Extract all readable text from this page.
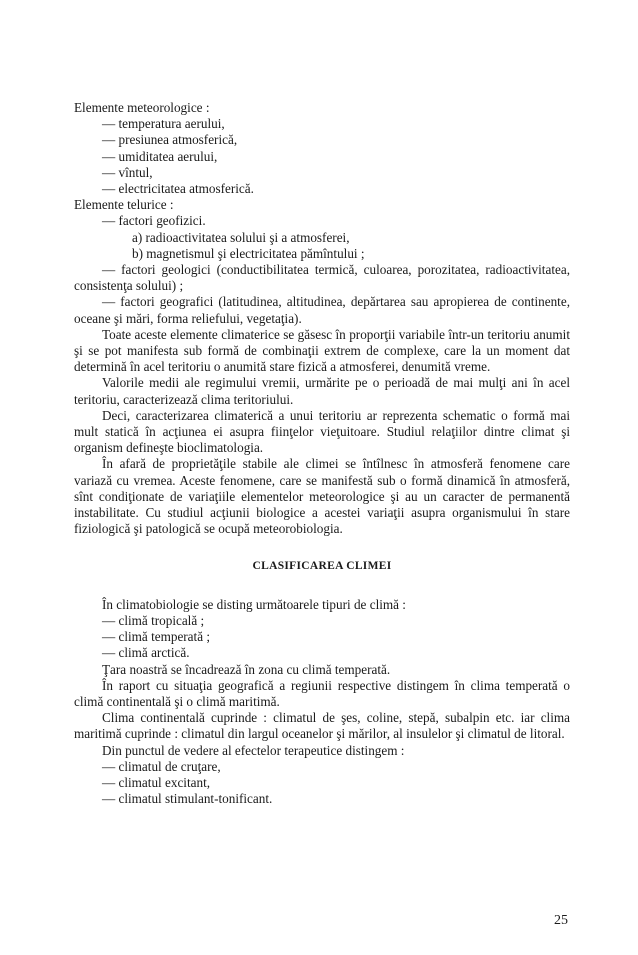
Elemente meteorologice :

— temperatura aerului,

— presiunea atmosferică,

— umiditatea aerului,

— vîntul,

— electricitatea atmosferică.

Elemente telurice :

— factori geofizici.

a) radioactivitatea solului şi a atmosferei,

b) magnetismul şi electricitatea pămîntului ;

— factori geologici (conductibilitatea termică, culoarea, porozitatea, radioactivitatea, consistenţa solului) ;

— factori geografici (latitudinea, altitudinea, depărtarea sau apropierea de continente, oceane şi mări, forma reliefului, vegetaţia).

Toate aceste elemente climaterice se găsesc în proporţii variabile într-un teritoriu anumit şi se pot manifesta sub formă de combinaţii extrem de complexe, care la un moment dat determină în acel teritoriu o anumită stare fizică a atmosferei, denumită vreme.

Valorile medii ale regimului vremii, urmărite pe o perioadă de mai mulţi ani în acel teritoriu, caracterizează clima teritoriului.

Deci, caracterizarea climaterică a unui teritoriu ar reprezenta schematic o formă mai mult statică în acţiunea ei asupra fiinţelor vieţuitoare. Studiul relaţiilor dintre climat şi organism defineşte bioclimatologia.

În afară de proprietăţile stabile ale climei se întîlnesc în atmosferă fenomene care variază cu vremea. Aceste fenomene, care se manifestă sub o formă dinamică în atmosferă, sînt condiţionate de variaţiile elementelor meteorologice şi au un caracter de permanentă instabilitate. Cu studiul acţiunii biologice a acestei variaţii asupra organismului în stare fiziologică şi patologică se ocupă meteorobiologia.

CLASIFICAREA CLIMEI

În climatobiologie se disting următoarele tipuri de climă :

— climă tropicală ;

— climă temperată ;

— climă arctică.

Ţara noastră se încadrează în zona cu climă temperată.

În raport cu situaţia geografică a regiunii respective distingem în clima temperată o climă continentală şi o climă maritimă.

Clima continentală cuprinde : climatul de şes, coline, stepă, subalpin etc. iar clima maritimă cuprinde : climatul din largul oceanelor şi mărilor, al insulelor şi climatul de litoral.

Din punctul de vedere al efectelor terapeutice distingem :

— climatul de cruţare,

— climatul excitant,

— climatul stimulant-tonificant.

25
